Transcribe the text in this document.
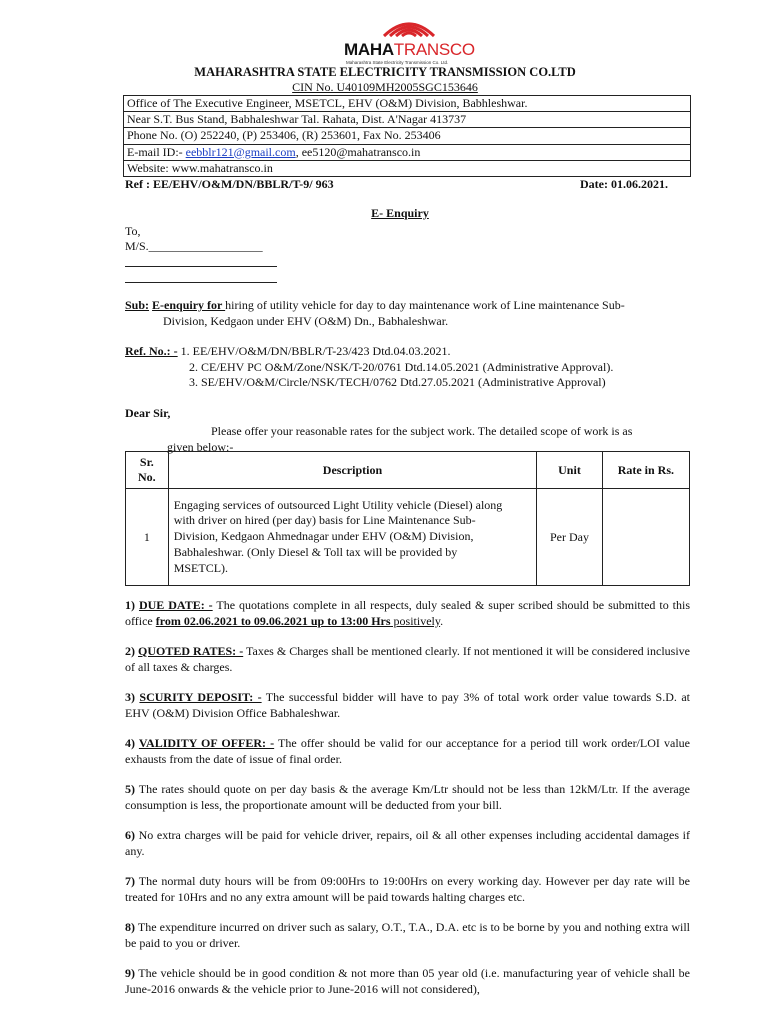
MAHATRANSCO
Maharashtra State Electricity Transmission Co. Ltd.
MAHARASHTRA STATE ELECTRICITY TRANSMISSION CO.LTD
CIN No. U40109MH2005SGC153646
Office of The Executive Engineer, MSETCL, EHV (O&M) Division, Babhleshwar.
Near S.T. Bus Stand, Babhaleshwar Tal. Rahata, Dist. A'Nagar 413737
Phone No. (O) 252240, (P) 253406, (R) 253601, Fax No. 253406
E-mail ID:- eebblr121@gmail.com, ee5120@mahatransco.in
Website: www.mahatransco.in
Ref : EE/EHV/O&M/DN/BBLR/T-9/ 963	Date: 01.06.2021.
E- Enquiry
To,
M/S.___________________
Sub: E-enquiry for hiring of utility vehicle for day to day maintenance work of Line maintenance Sub-
Division, Kedgaon under EHV (O&M) Dn., Babhaleshwar.
Ref. No.: - 1. EE/EHV/O&M/DN/BBLR/T-23/423 Dtd.04.03.2021.
2. CE/EHV PC O&M/Zone/NSK/T-20/0761 Dtd.14.05.2021 (Administrative Approval).
3. SE/EHV/O&M/Circle/NSK/TECH/0762 Dtd.27.05.2021 (Administrative Approval)
Dear Sir,
Please offer your reasonable rates for the subject work. The detailed scope of work is as
given below:-
Sr.
No.	Description	Unit	Rate in Rs.
1	Engaging services of outsourced Light Utility vehicle (Diesel) along
with driver on hired (per day) basis for Line Maintenance Sub-
Division, Kedgaon Ahmednagar under EHV (O&M) Division,
Babhaleshwar. (Only Diesel & Toll tax will be provided by
MSETCL).	Per Day	
1) DUE DATE: - The quotations complete in all respects, duly sealed & super scribed should be submitted to this office from 02.06.2021 to 09.06.2021 up to 13:00 Hrs positively.
2) QUOTED RATES: - Taxes & Charges shall be mentioned clearly. If not mentioned it will be considered inclusive of all taxes & charges.
3) SCURITY DEPOSIT: - The successful bidder will have to pay 3% of total work order value towards S.D. at EHV (O&M) Division Office Babhaleshwar.
4) VALIDITY OF OFFER: - The offer should be valid for our acceptance for a period till work order/LOI value exhausts from the date of issue of final order.
5) The rates should quote on per day basis & the average Km/Ltr should not be less than 12kM/Ltr. If the average consumption is less, the proportionate amount will be deducted from your bill.
6) No extra charges will be paid for vehicle driver, repairs, oil & all other expenses including accidental damages if any.
7) The normal duty hours will be from 09:00Hrs to 19:00Hrs on every working day. However per day rate will be treated for 10Hrs and no any extra amount will be paid towards halting charges etc.
8) The expenditure incurred on driver such as salary, O.T., T.A., D.A. etc is to be borne by you and nothing extra will be paid to you or driver.
9) The vehicle should be in good condition & not more than 05 year old (i.e. manufacturing year of vehicle shall be June-2016 onwards & the vehicle prior to June-2016 will not considered),
